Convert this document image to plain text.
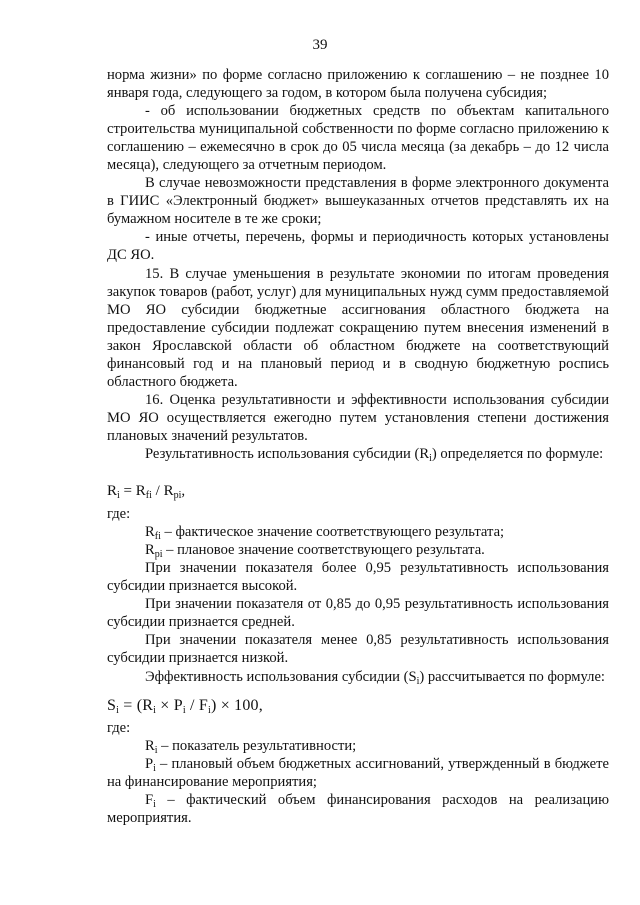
39

норма жизни» по форме согласно приложению к соглашению – не позднее 10 января года, следующего за годом, в котором была получена субсидия;

- об использовании бюджетных средств по объектам капитального строительства муниципальной собственности по форме согласно приложению к соглашению – ежемесячно в срок до 05 числа месяца (за декабрь – до 12 числа месяца), следующего за отчетным периодом.

В случае невозможности представления в форме электронного документа в ГИИС «Электронный бюджет» вышеуказанных отчетов представлять их на бумажном носителе в те же сроки;

- иные отчеты, перечень, формы и периодичность которых установлены ДС ЯО.

15. В случае уменьшения в результате экономии по итогам проведения закупок товаров (работ, услуг) для муниципальных нужд сумм предоставляемой МО ЯО субсидии бюджетные ассигнования областного бюджета на предоставление субсидии подлежат сокращению путем внесения изменений в закон Ярославской области об областном бюджете на соответствующий финансовый год и на плановый период и в сводную бюджетную роспись областного бюджета.

16. Оценка результативности и эффективности использования субсидии МО ЯО осуществляется ежегодно путем установления степени достижения плановых значений результатов.

Результативность использования субсидии $(R_i)$ определяется по формуле:

$R_i = R_{fi} / R_{pi}$,

где:

$R_{fi}$ – фактическое значение соответствующего результата;

$R_{pi}$ – плановое значение соответствующего результата.

При значении показателя более 0,95 результативность использования субсидии признается высокой.

При значении показателя от 0,85 до 0,95 результативность использования субсидии признается средней.

При значении показателя менее 0,85 результативность использования субсидии признается низкой.

Эффективность использования субсидии $(S_i)$ рассчитывается по формуле:

$S_i = (R_i \times P_i / F_i) \times 100$,

где:

$R_i$ – показатель результативности;

$P_i$ – плановый объем бюджетных ассигнований, утвержденный в бюджете на финансирование мероприятия;

$F_i$ – фактический объем финансирования расходов на реализацию мероприятия.
